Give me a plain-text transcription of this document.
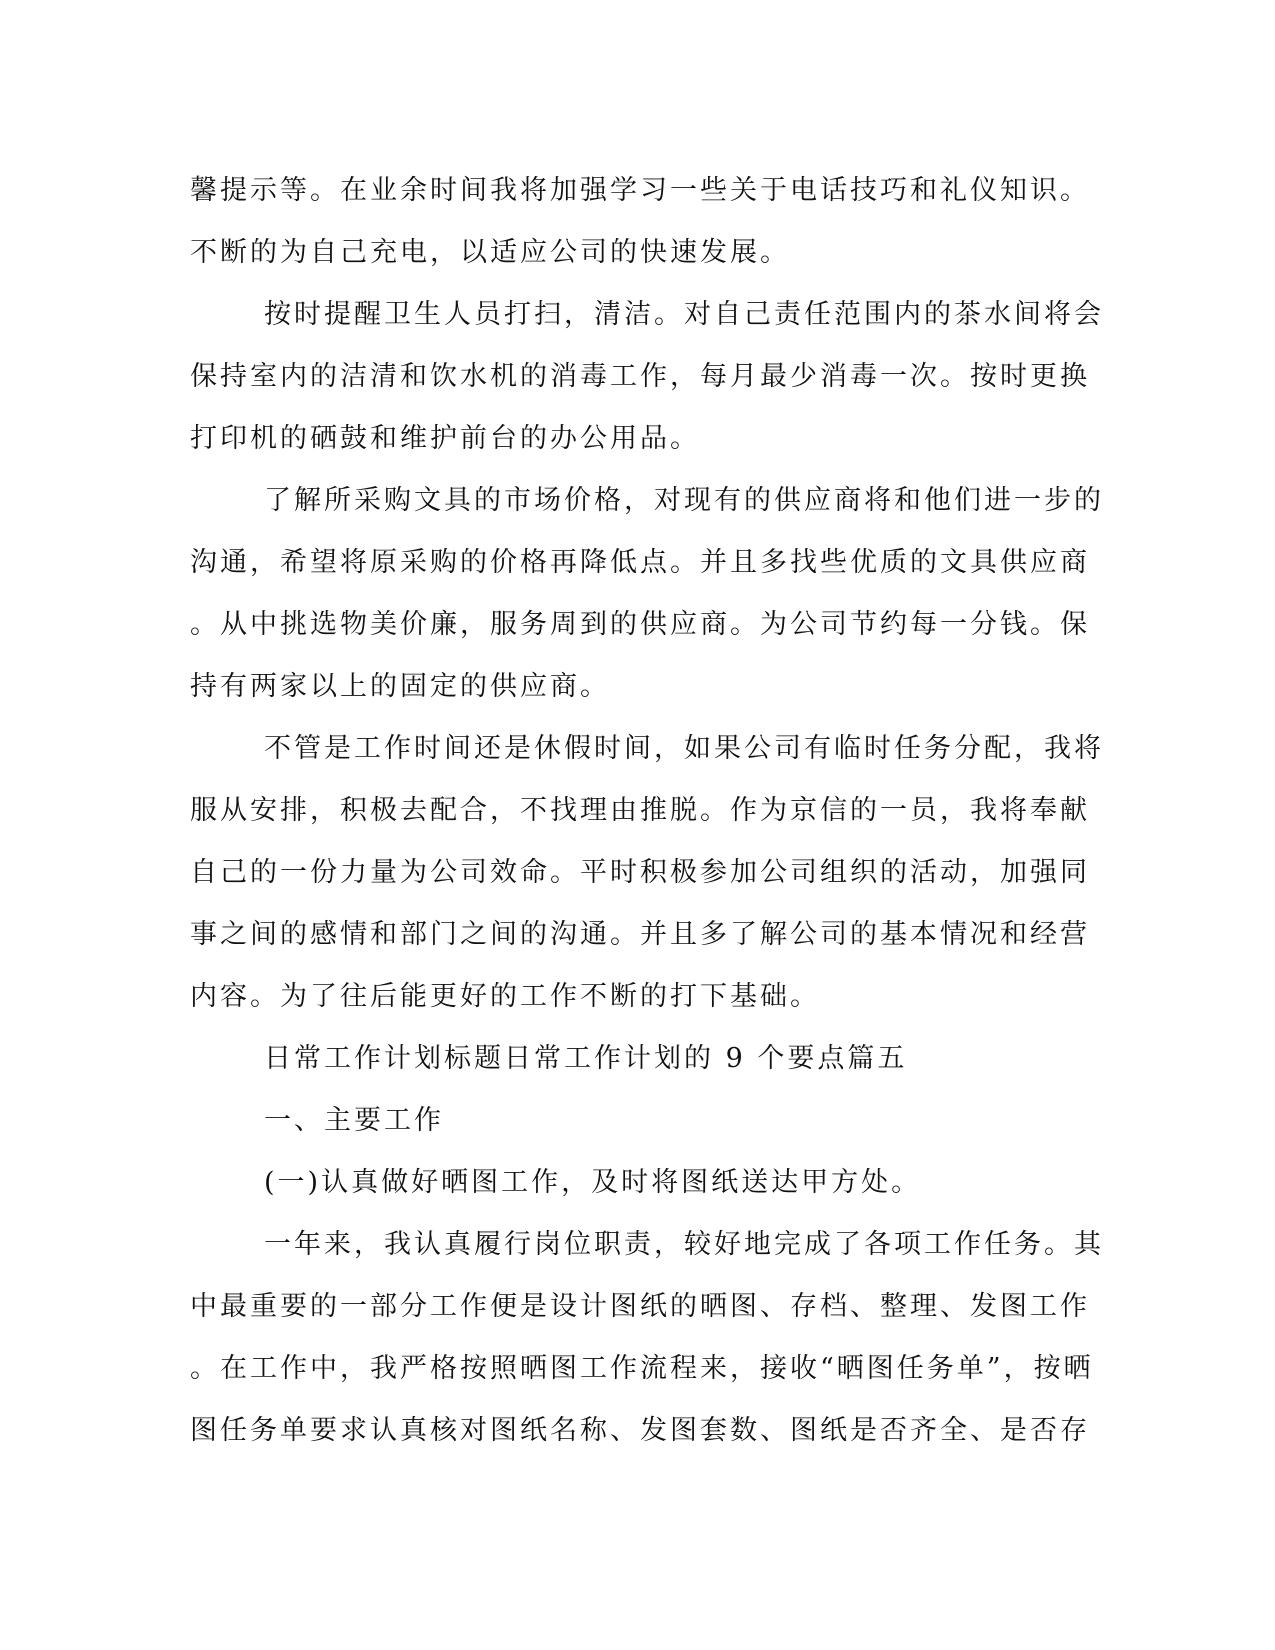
馨提示等。在业余时间我将加强学习一些关于电话技巧和礼仪知识。
不断的为自己充电，以适应公司的快速发展。
按时提醒卫生人员打扫，清洁。对自己责任范围内的茶水间将会
保持室内的洁清和饮水机的消毒工作，每月最少消毒一次。按时更换
打印机的硒鼓和维护前台的办公用品。
了解所采购文具的市场价格，对现有的供应商将和他们进一步的
沟通，希望将原采购的价格再降低点。并且多找些优质的文具供应商
。从中挑选物美价廉，服务周到的供应商。为公司节约每一分钱。保
持有两家以上的固定的供应商。
不管是工作时间还是休假时间，如果公司有临时任务分配，我将
服从安排，积极去配合，不找理由推脱。作为京信的一员，我将奉献
自己的一份力量为公司效命。平时积极参加公司组织的活动，加强同
事之间的感情和部门之间的沟通。并且多了解公司的基本情况和经营
内容。为了往后能更好的工作不断的打下基础。
日常工作计划标题日常工作计划的 9 个要点篇五
一、主要工作
(一)认真做好晒图工作，及时将图纸送达甲方处。
一年来，我认真履行岗位职责，较好地完成了各项工作任务。其
中最重要的一部分工作便是设计图纸的晒图、存档、整理、发图工作
。在工作中，我严格按照晒图工作流程来，接收“晒图任务单”，按晒
图任务单要求认真核对图纸名称、发图套数、图纸是否齐全、是否存
